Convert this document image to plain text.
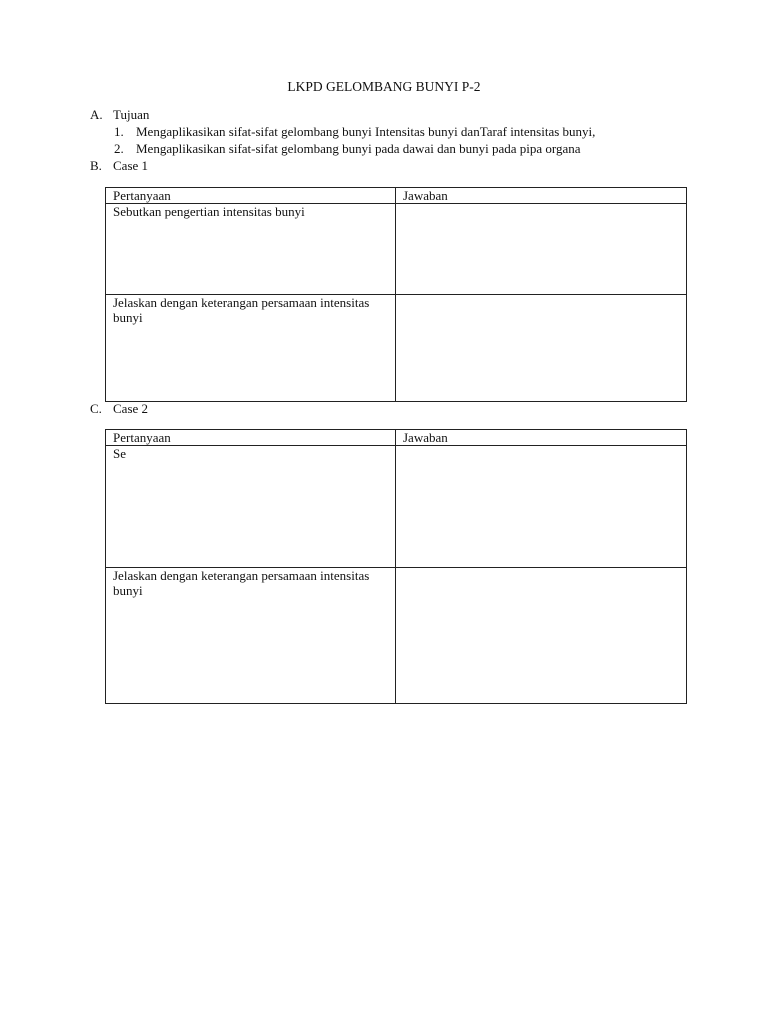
LKPD GELOMBANG BUNYI P-2
A. Tujuan
1. Mengaplikasikan sifat-sifat gelombang bunyi Intensitas bunyi danTaraf intensitas bunyi,
2. Mengaplikasikan sifat-sifat gelombang bunyi pada dawai dan bunyi pada pipa organa
B. Case 1
Pertanyaan	Jawaban
Sebutkan pengertian intensitas bunyi	
Jelaskan dengan keterangan persamaan intensitas bunyi	
C. Case 2
Pertanyaan	Jawaban
Se	
Jelaskan dengan keterangan persamaan intensitas bunyi	
